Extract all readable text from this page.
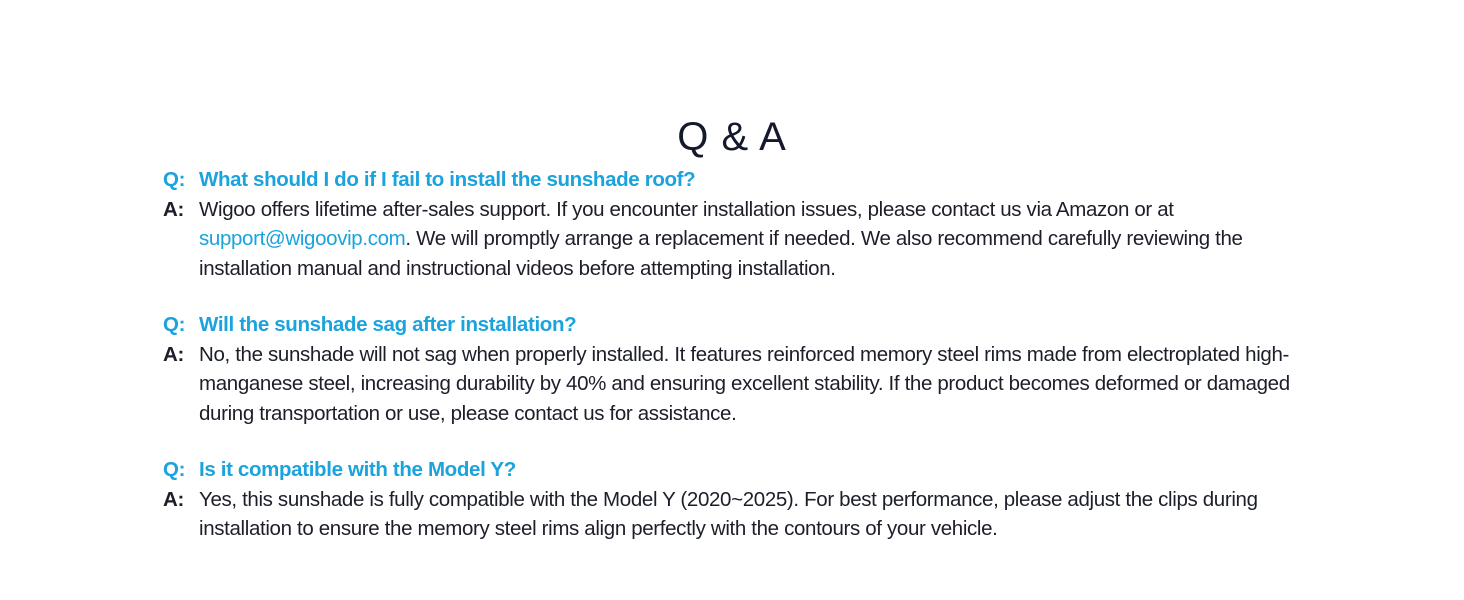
Q & A
Q: What should I do if I fail to install the sunshade roof?
A: Wigoo offers lifetime after-sales support. If you encounter installation issues, please contact us via Amazon or at support@wigoovip.com. We will promptly arrange a replacement if needed. We also recommend carefully reviewing the installation manual and instructional videos before attempting installation.
Q: Will the sunshade sag after installation?
A: No, the sunshade will not sag when properly installed. It features reinforced memory steel rims made from electroplated high-manganese steel, increasing durability by 40% and ensuring excellent stability. If the product becomes deformed or damaged during transportation or use, please contact us for assistance.
Q: Is it compatible with the Model Y?
A: Yes, this sunshade is fully compatible with the Model Y (2020~2025). For best performance, please adjust the clips during installation to ensure the memory steel rims align perfectly with the contours of your vehicle.
